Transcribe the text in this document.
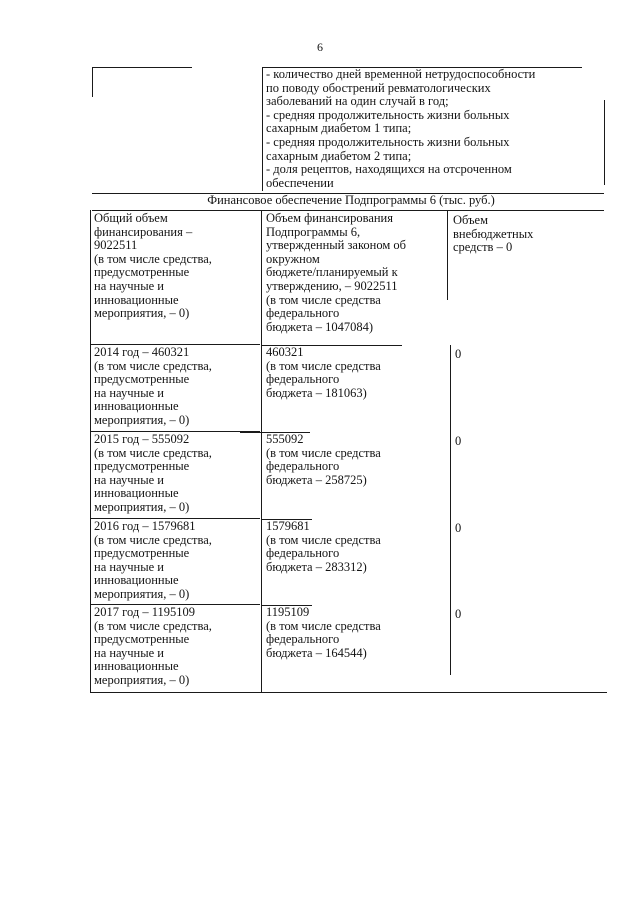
6
- количество дней временной нетрудоспособности
по поводу обострений ревматологических
заболеваний на один случай в год;
- средняя продолжительность жизни больных
сахарным диабетом 1 типа;
- средняя продолжительность жизни больных
сахарным диабетом 2 типа;
- доля рецептов, находящихся на отсроченном
обеспечении
Финансовое обеспечение Подпрограммы 6 (тыс. руб.)
Общий объем
финансирования –
9022511
(в том числе средства,
предусмотренные
на научные и
инновационные
мероприятия, – 0)
Объем финансирования
Подпрограммы 6,
утвержденный законом об
окружном
бюджете/планируемый к
утверждению, – 9022511
(в том числе средства
федерального
бюджета – 1047084)
Объем
внебюджетных
средств – 0
2014 год – 460321
(в том числе средства,
предусмотренные
на научные и
инновационные
мероприятия, – 0)
460321
(в том числе средства
федерального
бюджета – 181063)
0
2015 год – 555092
(в том числе средства,
предусмотренные
на научные и
инновационные
мероприятия, – 0)
555092
(в том числе средства
федерального
бюджета – 258725)
0
2016 год – 1579681
(в том числе средства,
предусмотренные
на научные и
инновационные
мероприятия, – 0)
1579681
(в том числе средства
федерального
бюджета – 283312)
0
2017 год – 1195109
(в том числе средства,
предусмотренные
на научные и
инновационные
мероприятия, – 0)
1195109
(в том числе средства
федерального
бюджета – 164544)
0
